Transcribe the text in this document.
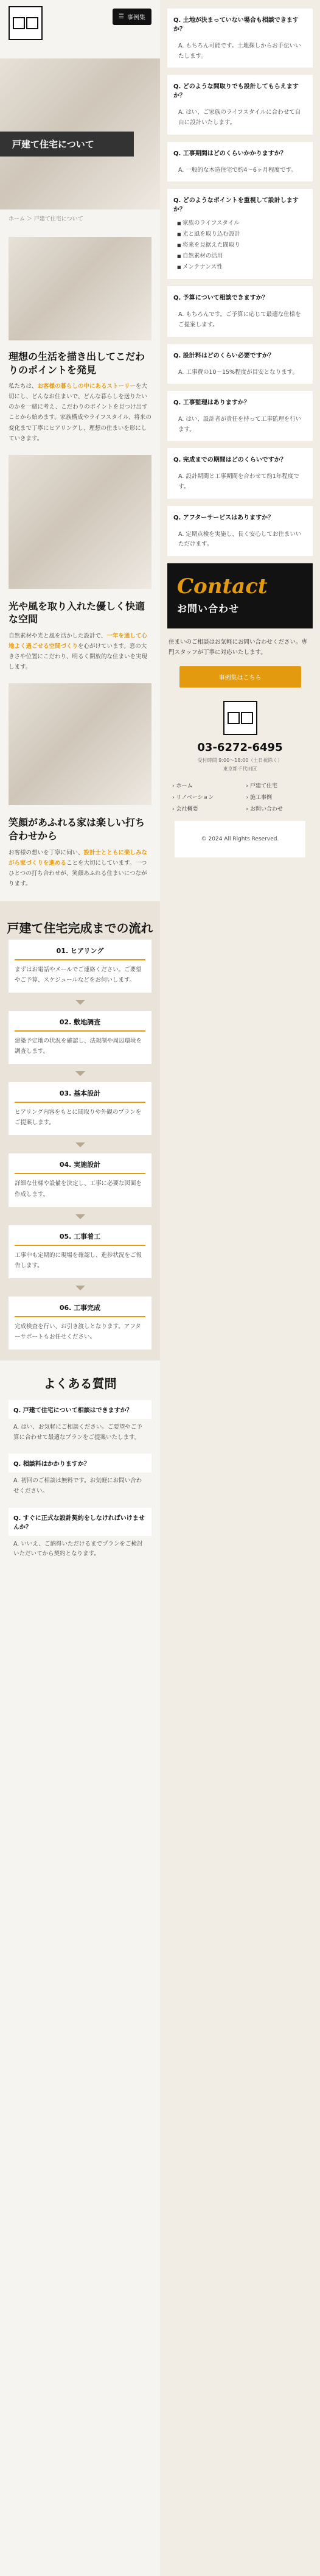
☰ 事例集
戸建て住宅について
ホーム ＞ 戸建て住宅について
理想の生活を描き出してこだわりのポイントを発見

私たちは、お客様の暮らしの中にあるストーリーを大切にし、どんなお住まいで、どんな暮らしを送りたいのかを一緒に考え、こだわりのポイントを見つけ出すことから始めます。家族構成やライフスタイル、将来の変化まで丁寧にヒアリングし、理想の住まいを形にしていきます。

光や風を取り入れた優しく快適な空間

自然素材や光と風を活かした設計で、一年を通して心地よく過ごせる空間づくりを心がけています。窓の大きさや位置にこだわり、明るく開放的な住まいを実現します。

笑顔があふれる家は楽しい打ち合わせから

お客様の想いを丁寧に伺い、設計士とともに楽しみながら家づくりを進めることを大切にしています。一つひとつの打ち合わせが、笑顔あふれる住まいにつながります。

戸建て住宅完成までの流れ
01. ヒアリング

まずはお電話やメールでご連絡ください。ご要望やご予算、スケジュールなどをお伺いします。

02. 敷地調査

建築予定地の状況を確認し、法規制や周辺環境を調査します。

03. 基本設計

ヒアリング内容をもとに間取りや外観のプランをご提案します。

04. 実施設計

詳細な仕様や設備を決定し、工事に必要な図面を作成します。

05. 工事着工

工事中も定期的に現場を確認し、進捗状況をご報告します。

06. 工事完成

完成検査を行い、お引き渡しとなります。アフターサポートもお任せください。

よくある質問
Q. 戸建て住宅について相談はできますか？

A. はい、お気軽にご相談ください。ご要望やご予算に合わせて最適なプランをご提案いたします。

Q. 相談料はかかりますか？

A. 初回のご相談は無料です。お気軽にお問い合わせください。

Q. すぐに正式な設計契約をしなければいけませんか？

A. いいえ、ご納得いただけるまでプランをご検討いただいてから契約となります。

Q. 土地が決まっていない場合も相談できますか？

A. もちろん可能です。土地探しからお手伝いいたします。

Q. どのような間取りでも設計してもらえますか？

A. はい、ご家族のライフスタイルに合わせて自由に設計いたします。

Q. 工事期間はどのくらいかかりますか？

A. 一般的な木造住宅で約4〜6ヶ月程度です。

Q. どのようなポイントを重視して設計しますか？
■ 家族のライフスタイル
■ 光と風を取り込む設計
■ 将来を見据えた間取り
■ 自然素材の活用
■ メンテナンス性
Q. 予算について相談できますか？

A. もちろんです。ご予算に応じて最適な仕様をご提案します。

Q. 設計料はどのくらい必要ですか？

A. 工事費の10〜15%程度が目安となります。

Q. 工事監理はありますか？

A. はい、設計者が責任を持って工事監理を行います。

Q. 完成までの期間はどのくらいですか？

A. 設計期間と工事期間を合わせて約1年程度です。

Q. アフターサービスはありますか？

A. 定期点検を実施し、長く安心してお住まいいただけます。

Contact
お問い合わせ

住まいのご相談はお気軽にお問い合わせください。専門スタッフが丁寧に対応いたします。

事例集はこちら
03-6272-6495
受付時間 9:00〜18:00（土日祝除く）
東京都千代田区
› ホーム	› 戸建て住宅
› リノベーション	› 施工事例
› 会社概要	› お問い合わせ
© 2024 All Rights Reserved.
